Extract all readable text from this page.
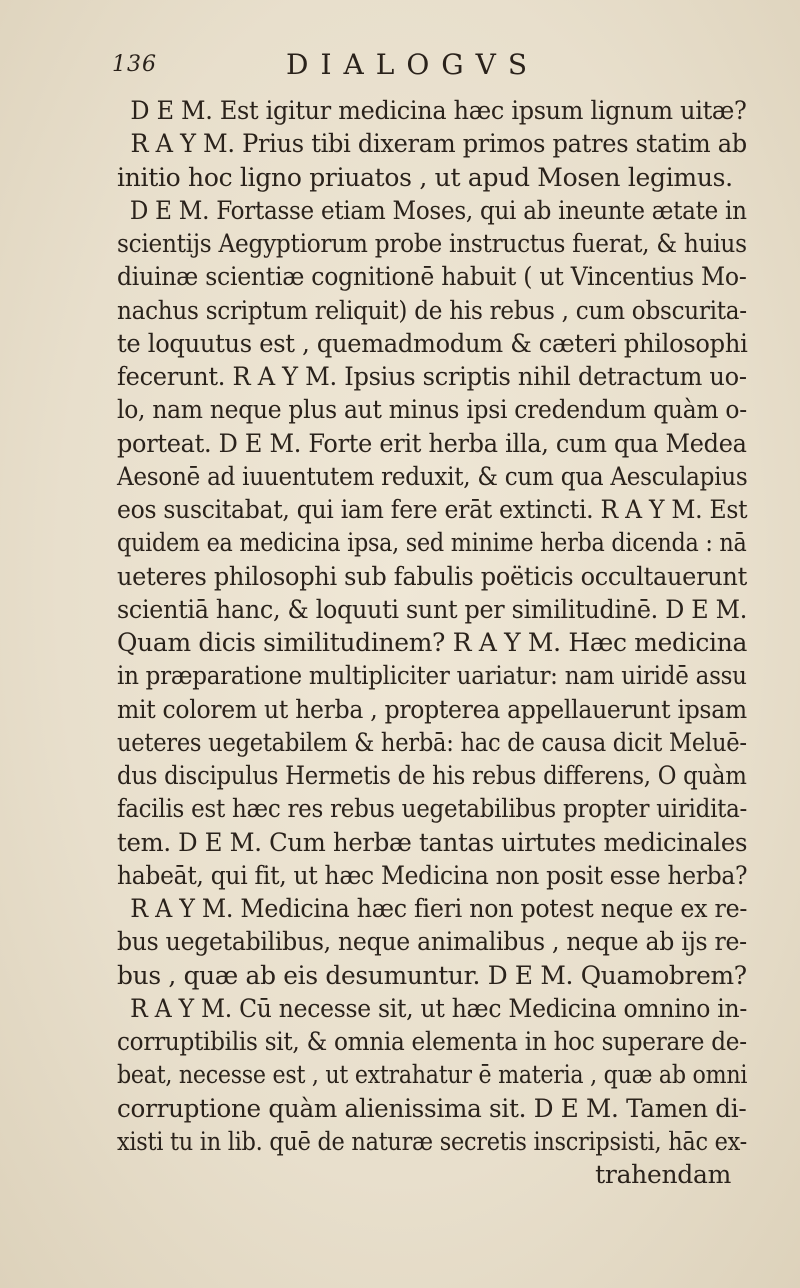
136	DIALOGVS
D E M. Est igitur medicina hæc ipsum lignum uitæ?
R A Y M. Prius tibi dixeram primos patres statim ab
initio hoc ligno priuatos , ut apud Mosen legimus.
D E M. Fortasse etiam Moses, qui ab ineunte ætate in
scientijs Aegyptiorum probe instructus fuerat, & huius
diuinæ scientiæ cognitionē habuit ( ut Vincentius Mo-
nachus scriptum reliquit) de his rebus , cum obscurita-
te loquutus est , quemadmodum & cæteri philosophi
fecerunt. R A Y M. Ipsius scriptis nihil detractum uo-
lo, nam neque plus aut minus ipsi credendum quàm o-
porteat. D E M. Forte erit herba illa, cum qua Medea
Aesonē ad iuuentutem reduxit, & cum qua Aesculapius
eos suscitabat, qui iam fere erāt extincti. R A Y M. Est
quidem ea medicina ipsa, sed minime herba dicenda : nā
ueteres philosophi sub fabulis poëticis occultauerunt
scientiā hanc, & loquuti sunt per similitudinē. D E M.
Quam dicis similitudinem? R A Y M. Hæc medicina
in præparatione multipliciter uariatur: nam uiridē assu
mit colorem ut herba , propterea appellauerunt ipsam
ueteres uegetabilem & herbā: hac de causa dicit Meluē-
dus discipulus Hermetis de his rebus differens, O quàm
facilis est hæc res rebus uegetabilibus propter uiridita-
tem. D E M. Cum herbæ tantas uirtutes medicinales
habeāt, qui fit, ut hæc Medicina non posit esse herba?
R A Y M. Medicina hæc fieri non potest neque ex re-
bus uegetabilibus, neque animalibus , neque ab ijs re-
bus , quæ ab eis desumuntur. D E M. Quamobrem?
R A Y M. Cū necesse sit, ut hæc Medicina omnino in-
corruptibilis sit, & omnia elementa in hoc superare de-
beat, necesse est , ut extrahatur ē materia , quæ ab omni
corruptione quàm alienissima sit. D E M. Tamen di-
xisti tu in lib. quē de naturæ secretis inscripsisti, hāc ex-
trahendam
